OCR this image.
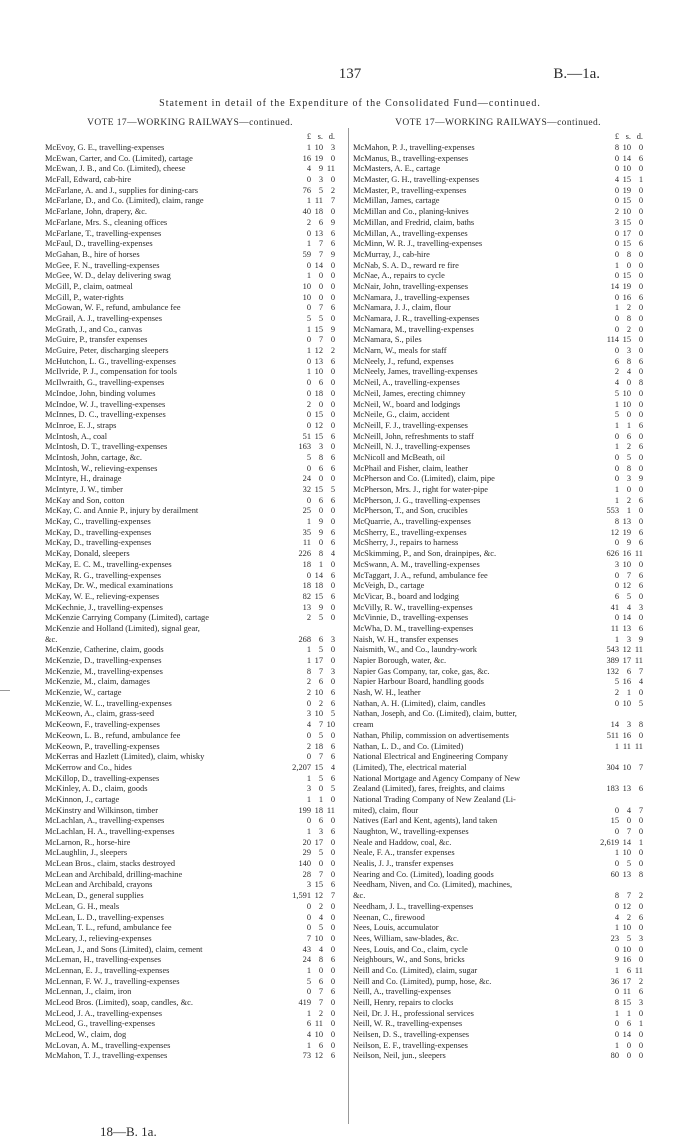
137	B.—1a.
Statement in detail of the Expenditure of the Consolidated Fund—continued.
VOTE 17—WORKING RAILWAYS—continued.
£ s. d.
McEvoy, G. E., travelling-expenses	1 10 3
McEwan, Carter, and Co. (Limited), cartage	16 19 0
McEwan, J. B., and Co. (Limited), cheese	4 9 11
McFall, Edward, cab-hire	0 3 0
McFarlane, A. and J., supplies for dining-cars	76 5 2
McFarlane, D., and Co. (Limited), claim, range	1 11 7
McFarlane, John, drapery, &c.	40 18 0
McFarlane, Mrs. S., cleaning offices	2 6 9
McFarlane, T., travelling-expenses	0 13 6
McFaul, D., travelling-expenses	1 7 6
McGahan, B., hire of horses	59 7 9
McGee, F. N., travelling-expenses	0 14 0
McGee, W. D., delay delivering swag	1 0 0
McGill, P., claim, oatmeal	10 0 0
McGill, P., water-rights	10 0 0
McGowan, W. F., refund, ambulance fee	0 7 6
McGrail, A. J., travelling-expenses	5 5 0
McGrath, J., and Co., canvas	1 15 9
McGuire, P., transfer expenses	0 7 0
McGuire, Peter, discharging sleepers	1 12 2
McHutchon, L. G., travelling-expenses	0 13 6
McIlvride, P. J., compensation for tools	1 10 0
McIlwraith, G., travelling-expenses	0 6 0
McIndoe, John, binding volumes	0 18 0
McIndoe, W. J., travelling-expenses	2 0 0
McInnes, D. C., travelling-expenses	0 15 0
McInroe, E. J., straps	0 12 0
McIntosh, A., coal	51 15 6
McIntosh, D. T., travelling-expenses	163 3 0
McIntosh, John, cartage, &c.	5 8 6
McIntosh, W., relieving-expenses	0 6 6
McIntyre, H., drainage	24 0 0
McIntyre, J. W., timber	32 15 5
McKay and Son, cotton	0 6 6
McKay, C. and Annie P., injury by derailment	25 0 0
McKay, C., travelling-expenses	1 9 0
McKay, D., travelling-expenses	35 9 6
McKay, D., travelling-expenses	11 0 6
McKay, Donald, sleepers	226 8 4
McKay, E. C. M., travelling-expenses	18 1 0
McKay, R. G., travelling-expenses	0 14 6
McKay, Dr. W., medical examinations	18 18 0
McKay, W. E., relieving-expenses	82 15 6
McKechnie, J., travelling-expenses	13 9 0
McKenzie Carrying Company (Limited), cartage	2 5 0
McKenzie and Holland (Limited), signal gear,
&c.	268 6 3
McKenzie, Catherine, claim, goods	1 5 0
McKenzie, D., travelling-expenses	1 17 0
McKenzie, M., travelling-expenses	8 7 3
McKenzie, M., claim, damages	2 6 0
McKenzie, W., cartage	2 10 6
McKenzie, W. L., travelling-expenses	0 2 6
McKeown, A., claim, grass-seed	3 10 5
McKeown, F., travelling-expenses	4 7 10
McKeown, L. B., refund, ambulance fee	0 5 0
McKeown, P., travelling-expenses	2 18 6
McKerras and Hazlett (Limited), claim, whisky	0 7 6
McKerrow and Co., hides	2,207 15 4
McKillop, D., travelling-expenses	1 5 6
McKinley, A. D., claim, goods	3 0 5
McKinnon, J., cartage	1 1 0
McKinstry and Wilkinson, timber	199 18 11
McLachlan, A., travelling-expenses	0 6 0
McLachlan, H. A., travelling-expenses	1 3 6
McLarnon, R., horse-hire	20 17 0
McLaughlin, J., sleepers	29 5 0
McLean Bros., claim, stacks destroyed	140 0 0
McLean and Archibald, drilling-machine	28 7 0
McLean and Archibald, crayons	3 15 6
McLean, D., general supplies	1,591 12 7
McLean, G. H., meals	0 2 0
McLean, L. D., travelling-expenses	0 4 0
McLean, T. L., refund, ambulance fee	0 5 0
McLeary, J., relieving-expenses	7 10 0
McLean, J., and Sons (Limited), claim, cement	43 4 0
McLeman, H., travelling-expenses	24 8 6
McLennan, E. J., travelling-expenses	1 0 0
McLennan, F. W. J., travelling-expenses	5 6 0
McLennan, J., claim, iron	0 7 6
McLeod Bros. (Limited), soap, candles, &c.	419 7 0
McLeod, J. A., travelling-expenses	1 2 0
McLeod, G., travelling-expenses	6 11 0
McLeod, W., claim, dog	4 10 0
McLovan, A. M., travelling-expenses	1 6 0
McMahon, T. J., travelling-expenses	73 12 6
VOTE 17—WORKING RAILWAYS—continued.
£ s. d.
McMahon, P. J., travelling-expenses	8 10 0
McManus, B., travelling-expenses	0 14 6
McMasters, A. E., cartage	0 10 0
McMaster, G. H., travelling-expenses	4 15 1
McMaster, P., travelling-expenses	0 19 0
McMillan, James, cartage	0 15 0
McMillan and Co., planing-knives	2 10 0
McMillan, and Fredrid, claim, baths	3 15 0
McMillan, A., travelling-expenses	0 17 0
McMinn, W. R. J., travelling-expenses	0 15 6
McMurray, J., cab-hire	0 8 0
McNab, S. A. D., reward re fire	1 0 0
McNae, A., repairs to cycle	0 15 0
McNair, John, travelling-expenses	14 19 0
McNamara, J., travelling-expenses	0 16 6
McNamara, J. J., claim, flour	1 2 0
McNamara, J. R., travelling-expenses	0 8 0
McNamara, M., travelling-expenses	0 2 0
McNamara, S., piles	114 15 0
McNarn, W., meals for staff	0 3 0
McNeely, J., refund, expenses	6 8 6
McNeely, James, travelling-expenses	2 4 0
McNeil, A., travelling-expenses	4 0 8
McNeil, James, erecting chimney	5 10 0
McNeil, W., board and lodgings	1 10 0
McNeile, G., claim, accident	5 0 0
McNeill, F. J., travelling-expenses	1 1 6
McNeill, John, refreshments to staff	0 6 0
McNeill, N. J., travelling-expenses	1 2 6
McNicoll and McBeath, oil	0 5 0
McPhail and Fisher, claim, leather	0 8 0
McPherson and Co. (Limited), claim, pipe	0 3 9
McPherson, Mrs. J., right for water-pipe	1 0 0
McPherson, J. G., travelling-expenses	1 2 6
McPherson, T., and Son, crucibles	553 1 0
McQuarrie, A., travelling-expenses	8 13 0
McSherry, E., travelling-expenses	12 19 6
McSherry, J., repairs to harness	0 9 6
McSkimming, P., and Son, drainpipes, &c.	626 16 11
McSwann, A. M., travelling-expenses	3 10 0
McTaggart, J. A., refund, ambulance fee	0 7 6
McVeigh, D., cartage	0 12 6
McVicar, B., board and lodging	6 5 0
McVilly, R. W., travelling-expenses	41 4 3
McVinnie, D., travelling-expenses	0 14 0
McWha, D. M., travelling-expenses	11 13 6
Naish, W. H., transfer expenses	1 3 9
Naismith, W., and Co., laundry-work	543 12 11
Napier Borough, water, &c.	389 17 11
Napier Gas Company, tar, coke, gas, &c.	132 6 7
Napier Harbour Board, handling goods	5 16 4
Nash, W. H., leather	2 1 0
Nathan, A. H. (Limited), claim, candles	0 10 5
Nathan, Joseph, and Co. (Limited), claim, butter,
cream	14 3 8
Nathan, Philip, commission on advertisements	511 16 0
Nathan, L. D., and Co. (Limited)	1 11 11
National Electrical and Engineering Company
(Limited), The, electrical material	304 10 7
National Mortgage and Agency Company of New
Zealand (Limited), fares, freights, and claims	183 13 6
National Trading Company of New Zealand (Li-
mited), claim, flour	0 4 7
Natives (Earl and Kent, agents), land taken	15 0 0
Naughton, W., travelling-expenses	0 7 0
Neale and Haddow, coal, &c.	2,619 14 1
Neale, F. A., transfer expenses	1 10 0
Nealis, J. J., transfer expenses	0 5 0
Nearing and Co. (Limited), loading goods	60 13 8
Needham, Niven, and Co. (Limited), machines,
&c.	8 7 2
Needham, J. L., travelling-expenses	0 12 0
Neenan, C., firewood	4 2 6
Nees, Louis, accumulator	1 10 0
Nees, William, saw-blades, &c.	23 5 3
Nees, Louis, and Co., claim, cycle	0 10 0
Neighbours, W., and Sons, bricks	9 16 0
Neill and Co. (Limited), claim, sugar	1 6 11
Neill and Co. (Limited), pump, hose, &c.	36 17 2
Neill, A., travelling-expenses	0 11 6
Neill, Henry, repairs to clocks	8 15 3
Neil, Dr. J. H., professional services	1 1 0
Neill, W. R., travelling-expenses	0 6 1
Neilsen, D. S., travelling-expenses	0 14 0
Neilson, E. F., travelling-expenses	1 0 0
Neilson, Neil, jun., sleepers	80 0 0
18—B. 1a.
